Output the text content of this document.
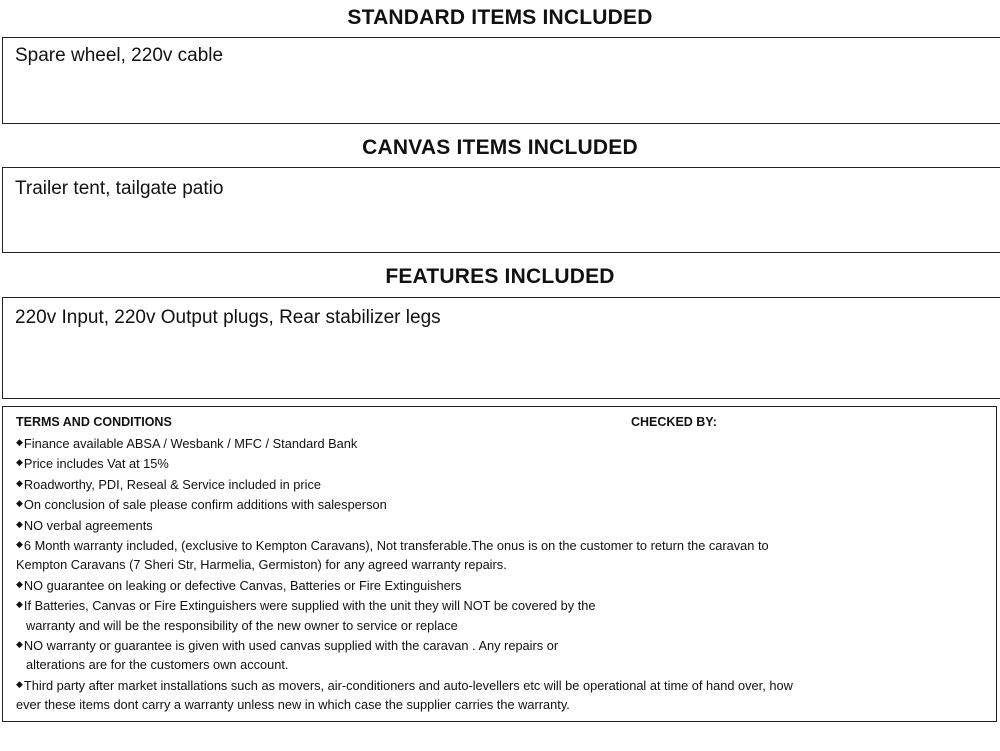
STANDARD ITEMS INCLUDED
Spare wheel, 220v cable
CANVAS ITEMS INCLUDED
Trailer tent, tailgate patio
FEATURES INCLUDED
220v Input, 220v Output plugs, Rear stabilizer legs
TERMS AND CONDITIONS	CHECKED BY:
◆Finance available ABSA / Wesbank / MFC / Standard Bank
◆Price includes Vat at 15%
◆Roadworthy, PDI, Reseal & Service included in price
◆On conclusion of sale please confirm additions with salesperson
◆NO verbal agreements
◆6 Month warranty included, (exclusive to Kempton Caravans), Not transferable.The onus is on the customer to return the caravan to
Kempton Caravans (7 Sheri Str, Harmelia, Germiston) for any agreed warranty repairs.
◆NO guarantee on leaking or defective Canvas, Batteries or Fire Extinguishers
◆If Batteries, Canvas or Fire Extinguishers were supplied with the unit they will NOT be covered by the
warranty and will be the responsibility of the new owner to service or replace
◆NO warranty or guarantee is given with used canvas supplied with the caravan . Any repairs or
alterations are for the customers own account.
◆Third party after market installations such as movers, air-conditioners and auto-levellers etc will be operational at time of hand over, how
ever these items dont carry a warranty unless new in which case the supplier carries the warranty.
